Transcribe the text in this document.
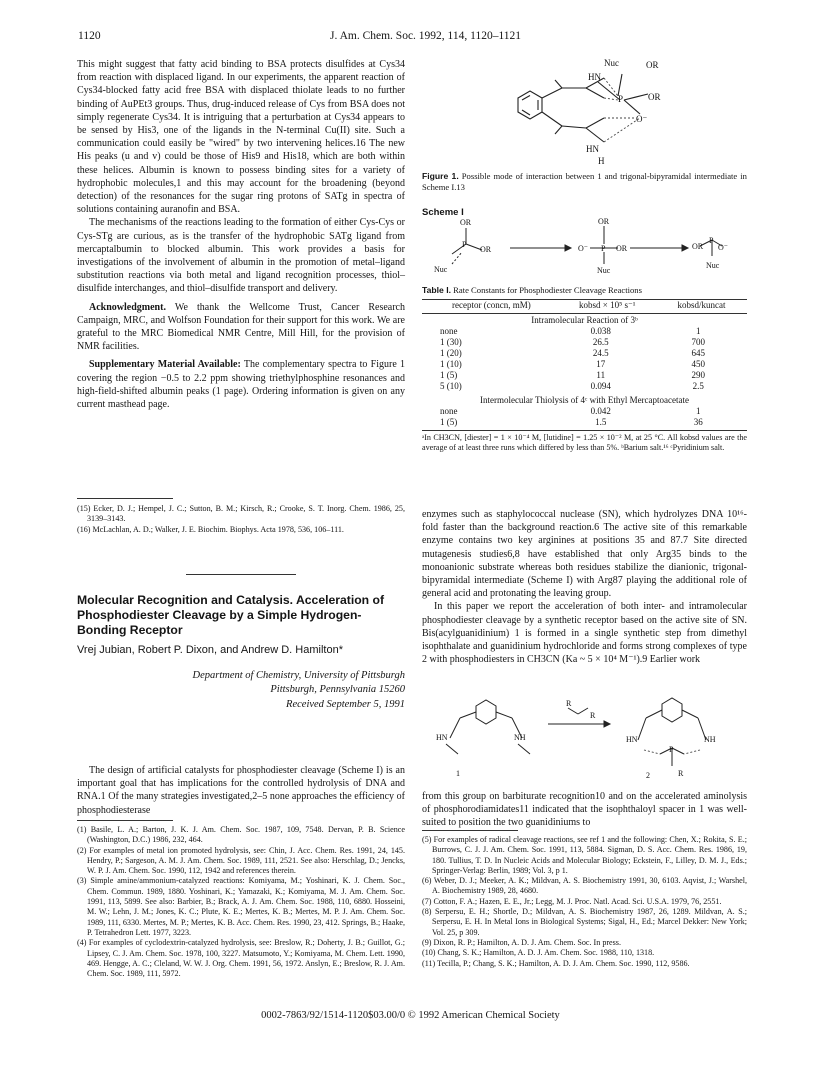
1120	J. Am. Chem. Soc. 1992, 114, 1120–1121

This might suggest that fatty acid binding to BSA protects disulfides at Cys34 from reaction with displaced ligand. In our experiments, the apparent reaction of Cys34-blocked fatty acid free BSA with displaced thiolate leads to no further binding of AuPEt3 groups. Thus, drug-induced release of Cys from BSA does not simply regenerate Cys34. It is intriguing that a perturbation at Cys34 appears to be sensed by His3, one of the ligands in the N-terminal Cu(II) site. Such a communication could easily be "wired" by two intervening helices.16 The new His peaks (u and v) could be those of His9 and His18, which are both within these helices. Albumin is known to possess binding sites for a variety of hydrophobic molecules,1 and this may account for the broadening (beyond detection) of the resonances for the sugar ring protons of SATg in spectra of solutions containing auranofin and BSA.

The mechanisms of the reactions leading to the formation of either Cys-Cys or Cys-STg are curious, as is the transfer of the hydrophobic SATg ligand from mercaptalbumin to blocked albumin. This work provides a basis for investigations of the involvement of albumin in the promotion of metal–ligand substitution reactions via both metal and ligand recognition processes, thiol–disulfide interchanges, and thiol–disulfide transport and delivery.

Acknowledgment. We thank the Wellcome Trust, Cancer Research Campaign, MRC, and Wolfson Foundation for their support for this work. We are grateful to the MRC Biomedical NMR Centre, Mill Hill, for the provision of NMR facilities.

Supplementary Material Available: The complementary spectra to Figure 1 covering the region −0.5 to 2.2 ppm showing triethylphosphine resonances and high-field-shifted albumin peaks (1 page). Ordering information is given on any current masthead page.

(15) Ecker, D. J.; Hempel, J. C.; Sutton, B. M.; Kirsch, R.; Crooke, S. T. Inorg. Chem. 1986, 25, 3139–3143.

(16) McLachlan, A. D.; Walker, J. E. Biochim. Biophys. Acta 1978, 536, 106–111.

Molecular Recognition and Catalysis. Acceleration of Phosphodiester Cleavage by a Simple Hydrogen-Bonding Receptor
Vrej Jubian, Robert P. Dixon, and Andrew D. Hamilton*
Department of Chemistry, University of Pittsburgh
Pittsburgh, Pennsylvania 15260
Received September 5, 1991

The design of artificial catalysts for phosphodiester cleavage (Scheme I) is an important goal that has implications for the controlled hydrolysis of DNA and RNA.1 Of the many strategies investigated,2–5 none approaches the efficiency of phosphodiesterase

(1) Basile, L. A.; Barton, J. K. J. Am. Chem. Soc. 1987, 109, 7548. Dervan, P. B. Science (Washington, D.C.) 1986, 232, 464.

(2) For examples of metal ion promoted hydrolysis, see: Chin, J. Acc. Chem. Res. 1991, 24, 145. Hendry, P.; Sargeson, A. M. J. Am. Chem. Soc. 1989, 111, 2521. See also: Herschlag, D.; Jencks, W. P. J. Am. Chem. Soc. 1990, 112, 1942 and references therein.

(3) Simple amine/ammonium-catalyzed reactions: Komiyama, M.; Yoshinari, K. J. Chem. Soc., Chem. Commun. 1989, 1880. Yoshinari, K.; Yamazaki, K.; Komiyama, M. J. Am. Chem. Soc. 1991, 113, 5899. See also: Barbier, B.; Brack, A. J. Am. Chem. Soc. 1988, 110, 6880. Hosseini, M. W.; Lehn, J. M.; Jones, K. C.; Plute, K. E.; Mertes, K. B.; Mertes, M. P. J. Am. Chem. Soc. 1989, 111, 6330. Mertes, M. P.; Mertes, K. B. Acc. Chem. Res. 1990, 23, 412. Springs, B.; Haake, P. Tetrahedron Lett. 1977, 3223.

(4) For examples of cyclodextrin-catalyzed hydrolysis, see: Breslow, R.; Doherty, J. B.; Guillot, G.; Lipsey, C. J. Am. Chem. Soc. 1978, 100, 3227. Matsumoto, Y.; Komiyama, M. Chem. Lett. 1990, 469. Hengge, A. C.; Cleland, W. W. J. Org. Chem. 1991, 56, 1972. Anslyn, E.; Breslow, R. J. Am. Chem. Soc. 1989, 111, 5972.

Nuc	OR
HN
P	OR
O⁻
HN
H
Figure 1. Possible mode of interaction between 1 and trigonal-bipyramidal intermediate in Scheme I.13
Scheme I
OR
P
OR
Nuc
OR
O⁻ P OR
Nuc
OR
P
O⁻
Nuc
Table I. Rate Constants for Phosphodiester Cleavage Reactions
receptor (concn, mM)	kobsd × 10⁵ s⁻¹	kobsd/kuncat
Intramolecular Reaction of 3ᵇ		
none	0.038	1
1 (30)	26.5	700
1 (20)	24.5	645
1 (10)	17	450
1 (5)	11	290
5 (10)	0.094	2.5
Intermolecular Thiolysis of 4ᶜ with Ethyl Mercaptoacetate		
none	0.042	1
1 (5)	1.5	36
ᵃIn CH3CN, [diester] = 1 × 10⁻⁴ M, [lutidine] = 1.25 × 10⁻² M, at 25 °C. All kobsd values are the average of at least three runs which differed by less than 5%. ᵇBarium salt.¹⁶ ᶜPyridinium salt.

enzymes such as staphylococcal nuclease (SN), which hydrolyzes DNA 10¹⁶-fold faster than the background reaction.6 The active site of this remarkable enzyme contains two key arginines at positions 35 and 87.7 Site directed mutagenesis studies6,8 have established that only Arg35 binds to the monoanionic substrate whereas both residues stabilize the dianionic, trigonal-bipyramidal intermediate (Scheme I) with Arg87 playing the additional role of general acid and protonating the leaving group.

In this paper we report the acceleration of both inter- and intramolecular phosphodiester cleavage by a synthetic receptor based on the active site of SN. Bis(acylguanidinium) 1 is formed in a single synthetic step from dimethyl isophthalate and guanidinium hydrochloride and forms strong complexes of type 2 with phosphodiesters in CH3CN (Ka ~ 5 × 10⁴ M⁻¹).9 Earlier work

HN	NH
1
R
R
HN	NH
P
R
2

from this group on barbiturate recognition10 and on the accelerated aminolysis of phosphorodiamidates11 indicated that the isophthaloyl spacer in 1 was well-suited to position the two guanidiniums to

(5) For examples of radical cleavage reactions, see ref 1 and the following: Chen, X.; Rokita, S. E.; Burrows, C. J. J. Am. Chem. Soc. 1991, 113, 5884. Sigman, D. S. Acc. Chem. Res. 1986, 19, 180. Tullius, T. D. In Nucleic Acids and Molecular Biology; Eckstein, F., Lilley, D. M. J., Eds.; Springer-Verlag: Berlin, 1989; Vol. 3, p 1.

(6) Weber, D. J.; Meeker, A. K.; Mildvan, A. S. Biochemistry 1991, 30, 6103. Aqvist, J.; Warshel, A. Biochemistry 1989, 28, 4680.

(7) Cotton, F. A.; Hazen, E. E., Jr.; Legg, M. J. Proc. Natl. Acad. Sci. U.S.A. 1979, 76, 2551.

(8) Serpersu, E. H.; Shortle, D.; Mildvan, A. S. Biochemistry 1987, 26, 1289. Mildvan, A. S.; Serpersu, E. H. In Metal Ions in Biological Systems; Sigal, H., Ed.; Marcel Dekker: New York; Vol. 25, p 309.

(9) Dixon, R. P.; Hamilton, A. D. J. Am. Chem. Soc. In press.

(10) Chang, S. K.; Hamilton, A. D. J. Am. Chem. Soc. 1988, 110, 1318.

(11) Tecilla, P.; Chang, S. K.; Hamilton, A. D. J. Am. Chem. Soc. 1990, 112, 9586.

0002-7863/92/1514-1120$03.00/0 © 1992 American Chemical Society
